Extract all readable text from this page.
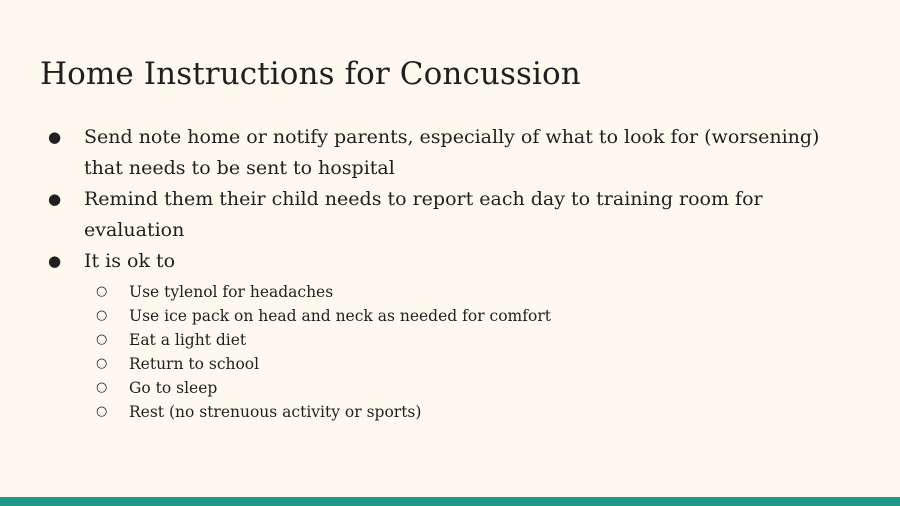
Home Instructions for Concussion
● Send note home or notify parents, especially of what to look for (worsening) that needs to be sent to hospital
● Remind them their child needs to report each day to training room for evaluation
● It is ok to
○ Use tylenol for headaches
○ Use ice pack on head and neck as needed for comfort
○ Eat a light diet
○ Return to school
○ Go to sleep
○ Rest (no strenuous activity or sports)
